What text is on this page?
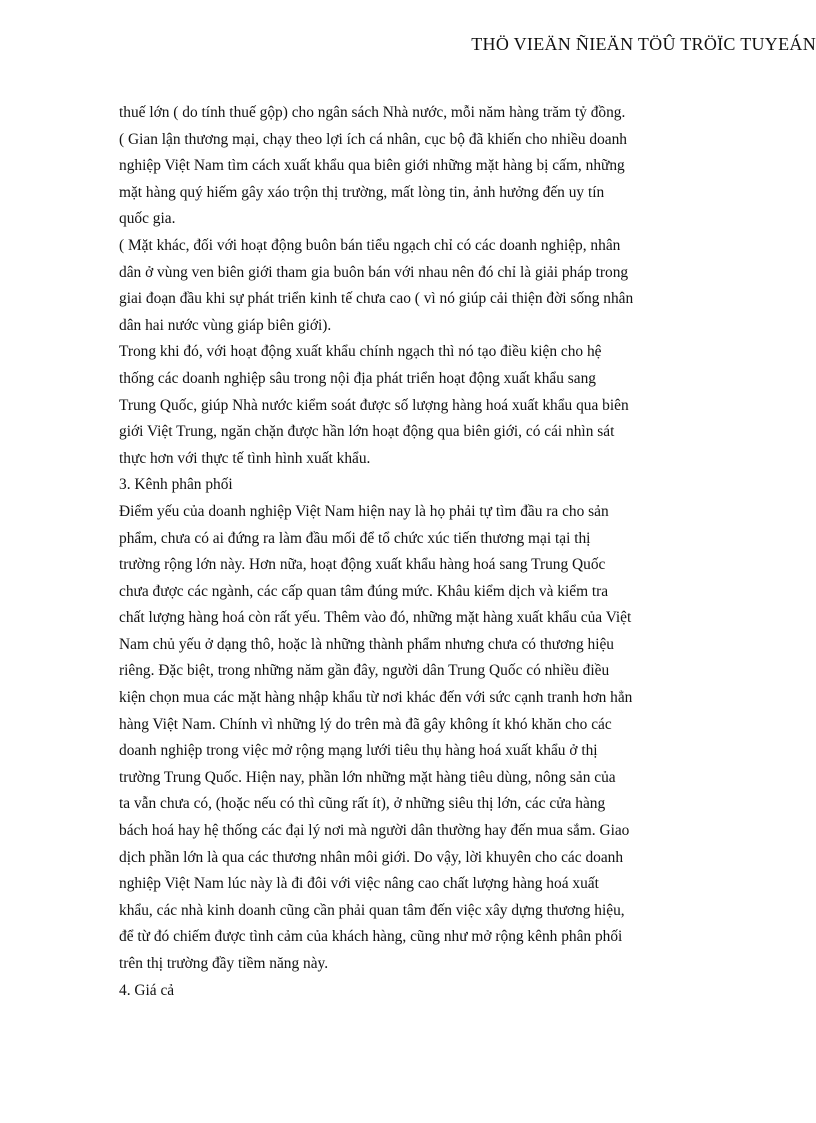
THÖ VIEÄN ÑIEÄN TÖÛ TRÖÏC TUYEÁN
thuế lớn ( do tính thuế gộp) cho ngân sách Nhà nước, mỗi năm hàng trăm tỷ đồng.
( Gian lận thương mại, chạy theo lợi ích cá nhân, cục bộ đã khiến cho nhiều doanh
nghiệp Việt Nam tìm cách xuất khẩu qua biên giới những mặt hàng bị cấm, những
mặt hàng quý hiếm gây xáo trộn thị trường, mất lòng tin, ảnh hưởng đến uy tín
quốc gia.
( Mặt khác, đối với hoạt động buôn bán tiểu ngạch chỉ có các doanh nghiệp, nhân
dân ở vùng ven biên giới tham gia buôn bán với nhau nên đó chỉ là giải pháp trong
giai đoạn đầu khi sự phát triển kinh tế chưa cao ( vì nó giúp cải thiện đời sống nhân
dân hai nước vùng giáp biên giới).
Trong khi đó, với hoạt động xuất khẩu chính ngạch thì nó tạo điều kiện cho hệ
thống các doanh nghiệp sâu trong nội địa phát triển hoạt động xuất khẩu sang
Trung Quốc, giúp Nhà nước kiểm soát được số lượng hàng hoá xuất khẩu qua biên
giới Việt Trung, ngăn chặn được hần lớn hoạt động qua biên giới, có cái nhìn sát
thực hơn với thực tế tình hình xuất khẩu.
3. Kênh phân phối
Điểm yếu của doanh nghiệp Việt Nam hiện nay là họ phải tự tìm đầu ra cho sản
phẩm, chưa có ai đứng ra làm đầu mối để tổ chức xúc tiến thương mại tại thị
trường rộng lớn này. Hơn nữa, hoạt động xuất khẩu hàng hoá sang Trung Quốc
chưa được các ngành, các cấp quan tâm đúng mức. Khâu kiểm dịch và kiểm tra
chất lượng hàng hoá còn rất yếu. Thêm vào đó, những mặt hàng xuất khẩu của Việt
Nam chủ yếu ở dạng thô, hoặc là những thành phẩm nhưng chưa có thương hiệu
riêng. Đặc biệt, trong những năm gần đây, người dân Trung Quốc có nhiều điều
kiện chọn mua các mặt hàng nhập khẩu từ nơi khác đến với sức cạnh tranh hơn hẳn
hàng Việt Nam. Chính vì những lý do trên mà đã gây không ít khó khăn cho các
doanh nghiệp trong việc mở rộng mạng lưới tiêu thụ hàng hoá xuất khẩu ở thị
trường Trung Quốc. Hiện nay, phần lớn những mặt hàng tiêu dùng, nông sản của
ta vẫn chưa có, (hoặc nếu có thì cũng rất ít), ở những siêu thị lớn, các cửa hàng
bách hoá hay hệ thống các đại lý nơi mà người dân thường hay đến mua sắm. Giao
dịch phần lớn là qua các thương nhân môi giới. Do vậy, lời khuyên cho các doanh
nghiệp Việt Nam lúc này là đi đôi với việc nâng cao chất lượng hàng hoá xuất
khẩu, các nhà kinh doanh cũng cần phải quan tâm đến việc xây dựng thương hiệu,
để từ đó chiếm được tình cảm của khách hàng, cũng như mở rộng kênh phân phối
trên thị trường đầy tiềm năng này.
4. Giá cả
